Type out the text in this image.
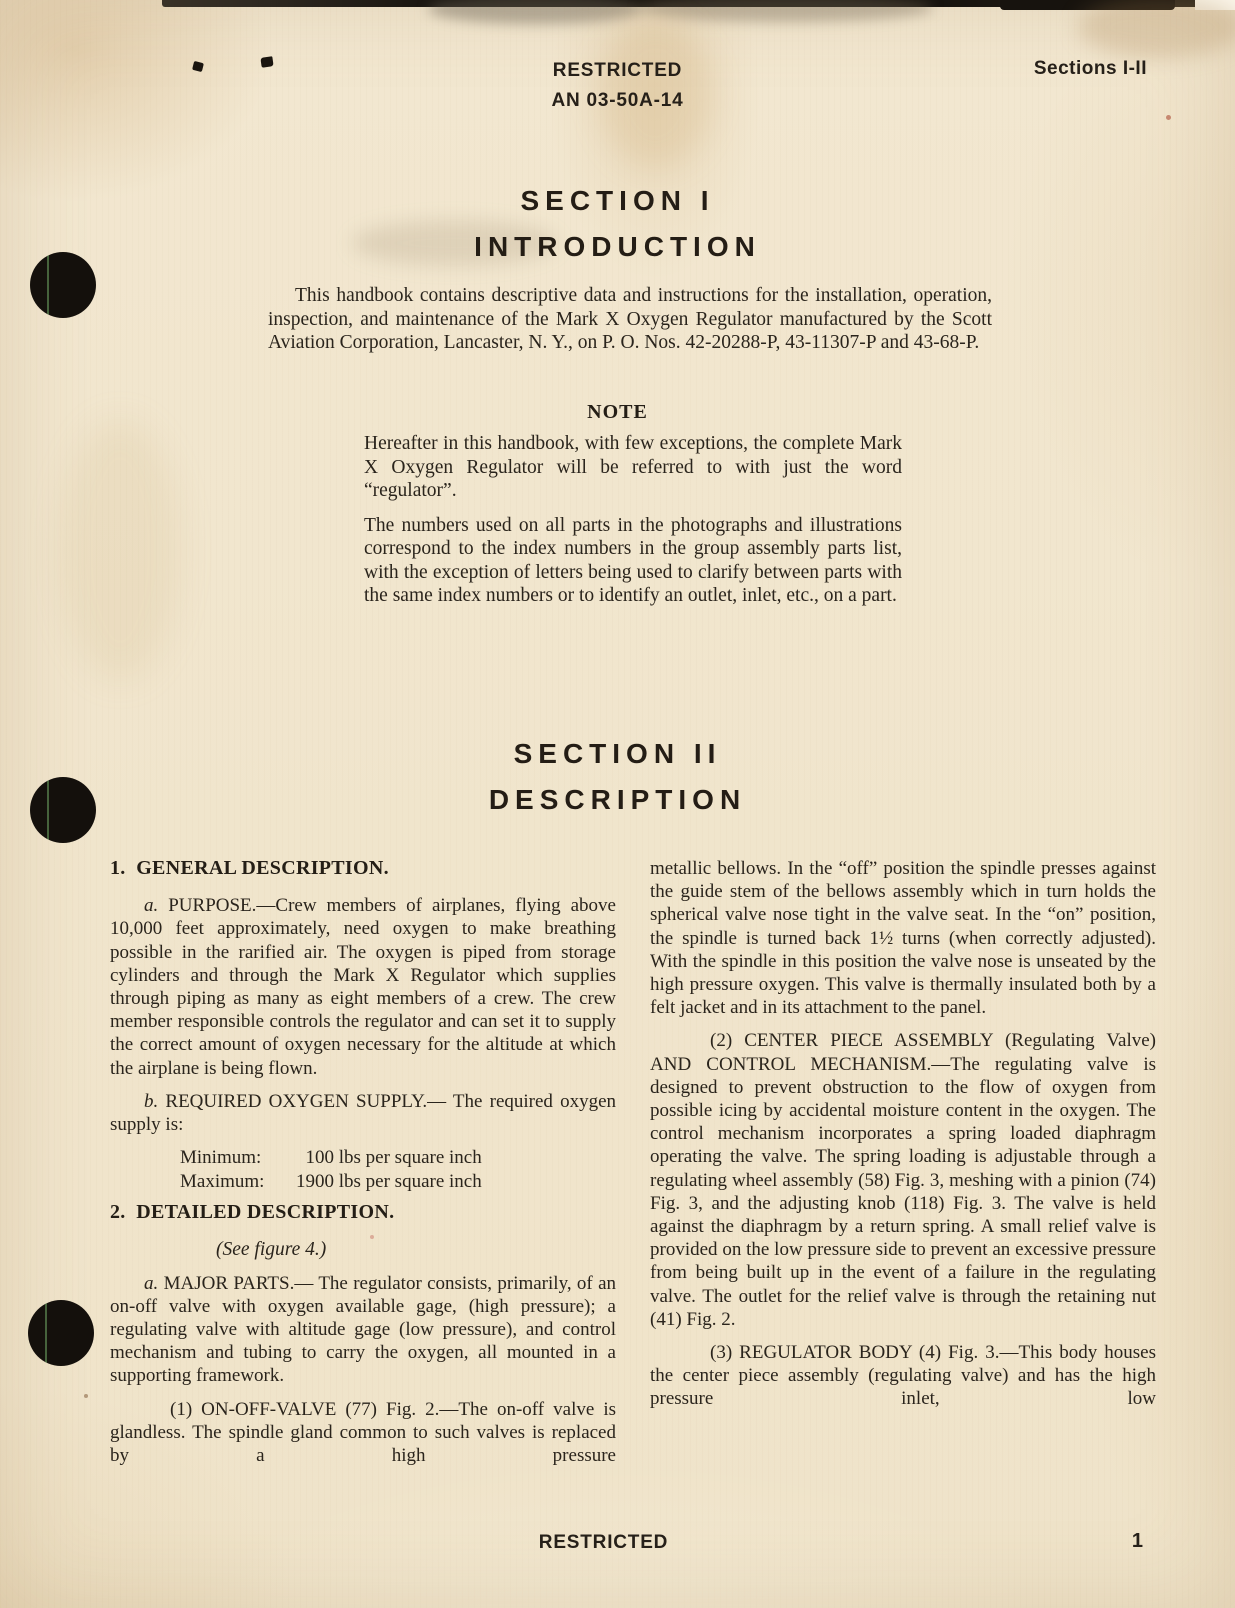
RESTRICTED
AN 03-50A-14
Sections I-II
SECTION I
INTRODUCTION

This handbook contains descriptive data and instructions for the installation, operation, inspection, and maintenance of the Mark X Oxygen Regulator manufactured by the Scott Aviation Corporation, Lancaster, N. Y., on P. O. Nos. 42-20288-P, 43-11307-P and 43-68-P.

NOTE

Hereafter in this handbook, with few exceptions, the complete Mark X Oxygen Regulator will be referred to with just the word “regulator”.

The numbers used on all parts in the photographs and illustrations correspond to the index numbers in the group assembly parts list, with the exception of letters being used to clarify between parts with the same index numbers or to identify an outlet, inlet, etc., on a part.

SECTION II
DESCRIPTION
1.  GENERAL DESCRIPTION.

a. PURPOSE.—Crew members of airplanes, flying above 10,000 feet approximately, need oxygen to make breathing possible in the rarified air. The oxygen is piped from storage cylinders and through the Mark X Regulator which supplies through piping as many as eight members of a crew. The crew member responsible controls the regulator and can set it to supply the correct amount of oxygen necessary for the altitude at which the airplane is being flown.

b. REQUIRED OXYGEN SUPPLY.— The required oxygen supply is:

Minimum: 100 lbs per square inch
Maximum: 1900 lbs per square inch
2.  DETAILED DESCRIPTION.
(See figure 4.)

a. MAJOR PARTS.— The regulator consists, primarily, of an on-off valve with oxygen available gage, (high pressure); a regulating valve with altitude gage (low pressure), and control mechanism and tubing to carry the oxygen, all mounted in a supporting framework.

(1) ON-OFF-VALVE (77) Fig. 2.—The on-off valve is glandless. The spindle gland common to such valves is replaced by a high pressure

metallic bellows. In the “off” position the spindle presses against the guide stem of the bellows assembly which in turn holds the spherical valve nose tight in the valve seat. In the “on” position, the spindle is turned back 1½ turns (when correctly adjusted). With the spindle in this position the valve nose is unseated by the high pressure oxygen. This valve is thermally insulated both by a felt jacket and in its attachment to the panel.

(2) CENTER PIECE ASSEMBLY (Regulating Valve) AND CONTROL MECHANISM.—The regulating valve is designed to prevent obstruction to the flow of oxygen from possible icing by accidental moisture content in the oxygen. The control mechanism incorporates a spring loaded diaphragm operating the valve. The spring loading is adjustable through a regulating wheel assembly (58) Fig. 3, meshing with a pinion (74) Fig. 3, and the adjusting knob (118) Fig. 3. The valve is held against the diaphragm by a return spring. A small relief valve is provided on the low pressure side to prevent an excessive pressure from being built up in the event of a failure in the regulating valve. The outlet for the relief valve is through the retaining nut (41) Fig. 2.

(3) REGULATOR BODY (4) Fig. 3.—This body houses the center piece assembly (regulating valve) and has the high pressure inlet, low

RESTRICTED	1
